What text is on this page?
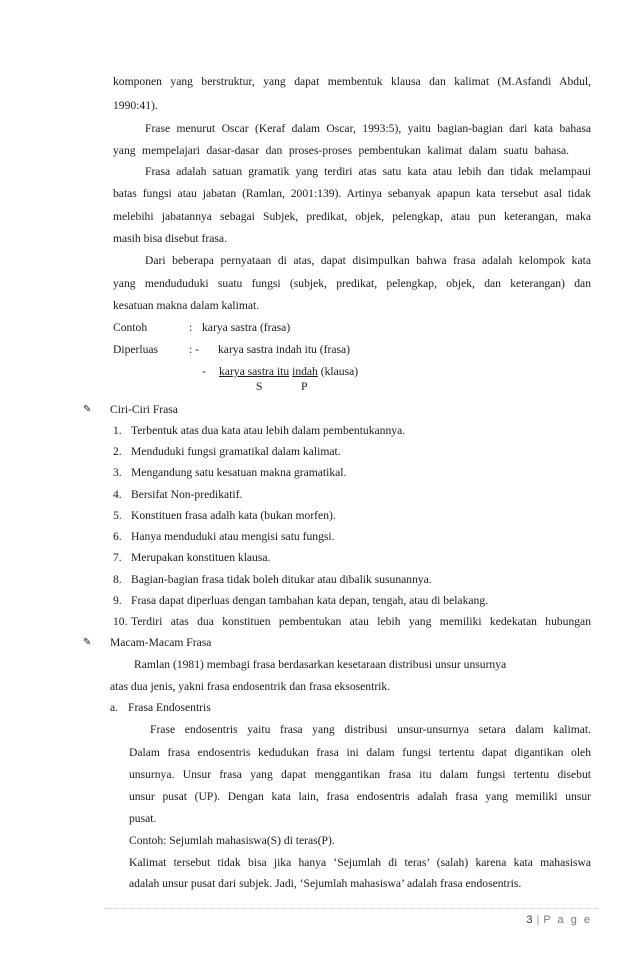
komponen yang berstruktur, yang dapat membentuk klausa dan kalimat (M.Asfandi Abdul,
1990:41).
Frase menurut Oscar (Keraf dalam Oscar, 1993:5), yaitu bagian-bagian dari kata bahasa
yang mempelajari dasar-dasar dan proses-proses pembentukan kalimat dalam suatu bahasa.
Frasa adalah satuan gramatik yang terdiri atas satu kata atau lebih dan tidak melampaui
batas fungsi atau jabatan (Ramlan, 2001:139). Artinya sebanyak apapun kata tersebut asal tidak
melebihi jabatannya sebagai Subjek, predikat, objek, pelengkap, atau pun keterangan, maka
masih bisa disebut frasa.
Dari beberapa pernyataan di atas, dapat disimpulkan bahwa frasa adalah kelompok kata
yang mendududuki suatu fungsi (subjek, predikat, pelengkap, objek, dan keterangan) dan
kesatuan makna dalam kalimat.
Contoh	: karya sastra (frasa)
Diperluas	: - karya sastra indah itu (frasa)
- karya sastra itu indah (klausa)
S	P
✎ Ciri-Ciri Frasa
1. Terbentuk atas dua kata atau lebih dalam pembentukannya.
2. Menduduki fungsi gramatikal dalam kalimat.
3. Mengandung satu kesatuan makna gramatikal.
4. Bersifat Non-predikatif.
5. Konstituen frasa adalh kata (bukan morfen).
6. Hanya menduduki atau mengisi satu fungsi.
7. Merupakan konstituen klausa.
8. Bagian-bagian frasa tidak boleh ditukar atau dibalik susunannya.
9. Frasa dapat diperluas dengan tambahan kata depan, tengah, atau di belakang.
10. Terdiri atas dua konstituen pembentukan atau lebih yang memiliki kedekatan hubungan
✎ Macam-Macam Frasa
Ramlan (1981) membagi frasa berdasarkan kesetaraan distribusi unsur unsurnya
atas dua jenis, yakni frasa endosentrik dan frasa eksosentrik.
a. Frasa Endosentris
Frase endosentris yaitu frasa yang distribusi unsur-unsurnya setara dalam kalimat.
Dalam frasa endosentris kedudukan frasa ini dalam fungsi tertentu dapat digantikan oleh
unsurnya. Unsur frasa yang dapat menggantikan frasa itu dalam fungsi tertentu disebut
unsur pusat (UP). Dengan kata lain, frasa endosentris adalah frasa yang memiliki unsur
pusat.
Contoh: Sejumlah mahasiswa(S) di teras(P).
Kalimat tersebut tidak bisa jika hanya ‘Sejumlah di teras’ (salah) karena kata mahasiswa
adalah unsur pusat dari subjek. Jadi, ‘Sejumlah mahasiswa’ adalah frasa endosentris.
3 | P a g e
